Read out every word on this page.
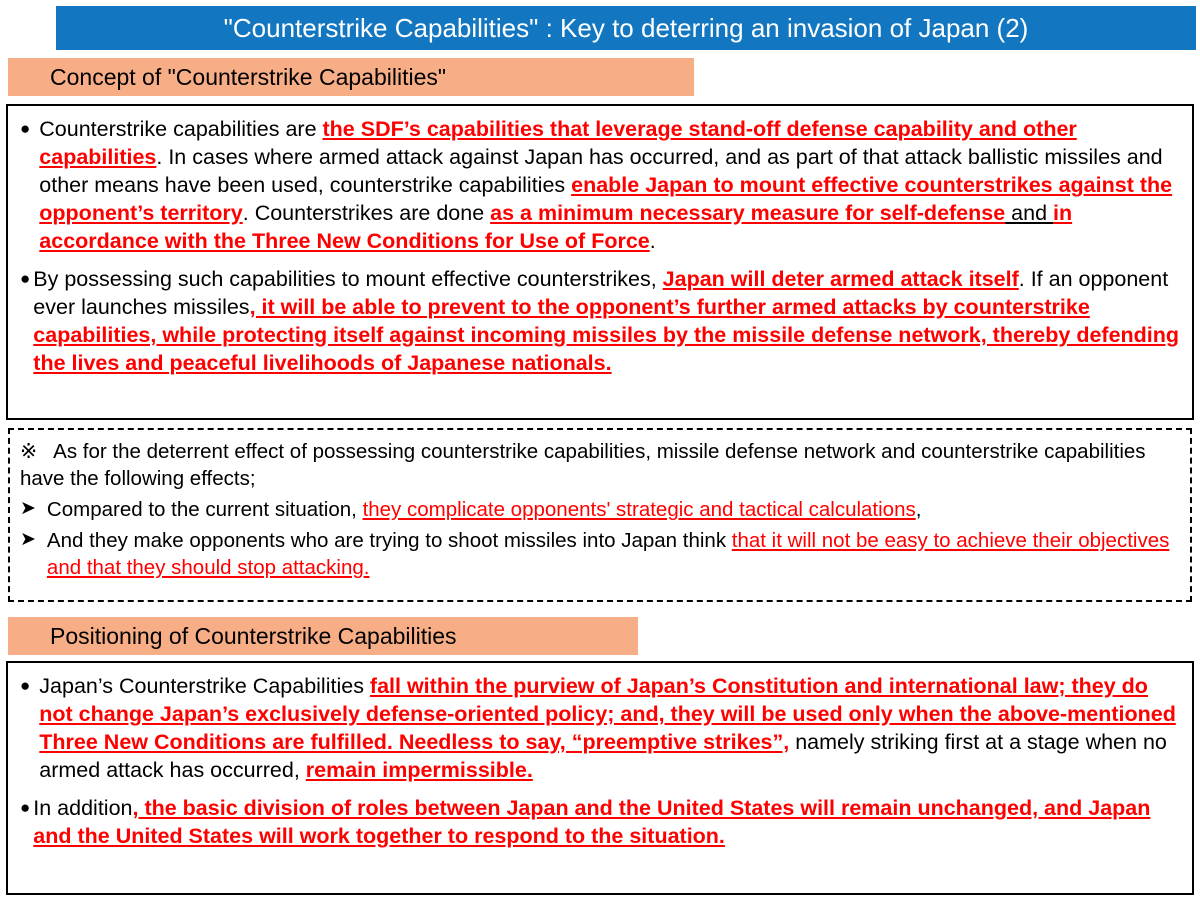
"Counterstrike Capabilities" : Key to deterring an invasion of Japan (2)
Concept of "Counterstrike Capabilities"
● Counterstrike capabilities are the SDF’s capabilities that leverage stand-off defense capability and other capabilities. In cases where armed attack against Japan has occurred, and as part of that attack ballistic missiles and other means have been used, counterstrike capabilities enable Japan to mount effective counterstrikes against the opponent’s territory. Counterstrikes are done as a minimum necessary measure for self-defense and in accordance with the Three New Conditions for Use of Force.
● By possessing such capabilities to mount effective counterstrikes, Japan will deter armed attack itself. If an opponent ever launches missiles, it will be able to prevent to the opponent’s further armed attacks by counterstrike capabilities, while protecting itself against incoming missiles by the missile defense network, thereby defending the lives and peaceful livelihoods of Japanese nationals.
※ As for the deterrent effect of possessing counterstrike capabilities, missile defense network and counterstrike capabilities have the following effects;
➤ Compared to the current situation, they complicate opponents' strategic and tactical calculations,
➤ And they make opponents who are trying to shoot missiles into Japan think that it will not be easy to achieve their objectives and that they should stop attacking.
Positioning of Counterstrike Capabilities
● Japan’s Counterstrike Capabilities fall within the purview of Japan’s Constitution and international law; they do not change Japan’s exclusively defense-oriented policy; and, they will be used only when the above-mentioned Three New Conditions are fulfilled. Needless to say, “preemptive strikes”, namely striking first at a stage when no armed attack has occurred, remain impermissible.
● In addition, the basic division of roles between Japan and the United States will remain unchanged, and Japan and the United States will work together to respond to the situation.
